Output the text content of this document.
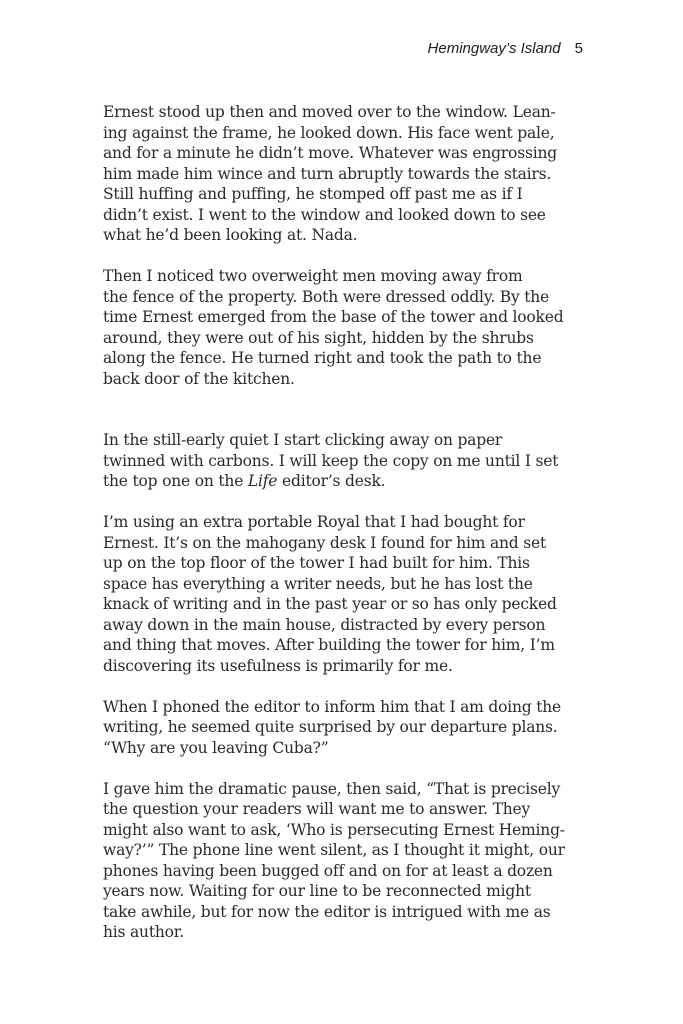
Hemingway’s Island 5

Ernest stood up then and moved over to the window. Lean-
ing against the frame, he looked down. His face went pale,
and for a minute he didn’t move. Whatever was engrossing
him made him wince and turn abruptly towards the stairs.
Still huffing and puffing, he stomped off past me as if I
didn’t exist. I went to the window and looked down to see
what he’d been looking at. Nada.

Then I noticed two overweight men moving away from
the fence of the property. Both were dressed oddly. By the
time Ernest emerged from the base of the tower and looked
around, they were out of his sight, hidden by the shrubs
along the fence. He turned right and took the path to the
back door of the kitchen.

In the still-early quiet I start clicking away on paper
twinned with carbons. I will keep the copy on me until I set
the top one on the Life editor’s desk.

I’m using an extra portable Royal that I had bought for
Ernest. It’s on the mahogany desk I found for him and set
up on the top floor of the tower I had built for him. This
space has everything a writer needs, but he has lost the
knack of writing and in the past year or so has only pecked
away down in the main house, distracted by every person
and thing that moves. After building the tower for him, I’m
discovering its usefulness is primarily for me.

When I phoned the editor to inform him that I am doing the
writing, he seemed quite surprised by our departure plans.
“Why are you leaving Cuba?”

I gave him the dramatic pause, then said, “That is precisely
the question your readers will want me to answer. They
might also want to ask, ‘Who is persecuting Ernest Heming-
way?’” The phone line went silent, as I thought it might, our
phones having been bugged off and on for at least a dozen
years now. Waiting for our line to be reconnected might
take awhile, but for now the editor is intrigued with me as
his author.
